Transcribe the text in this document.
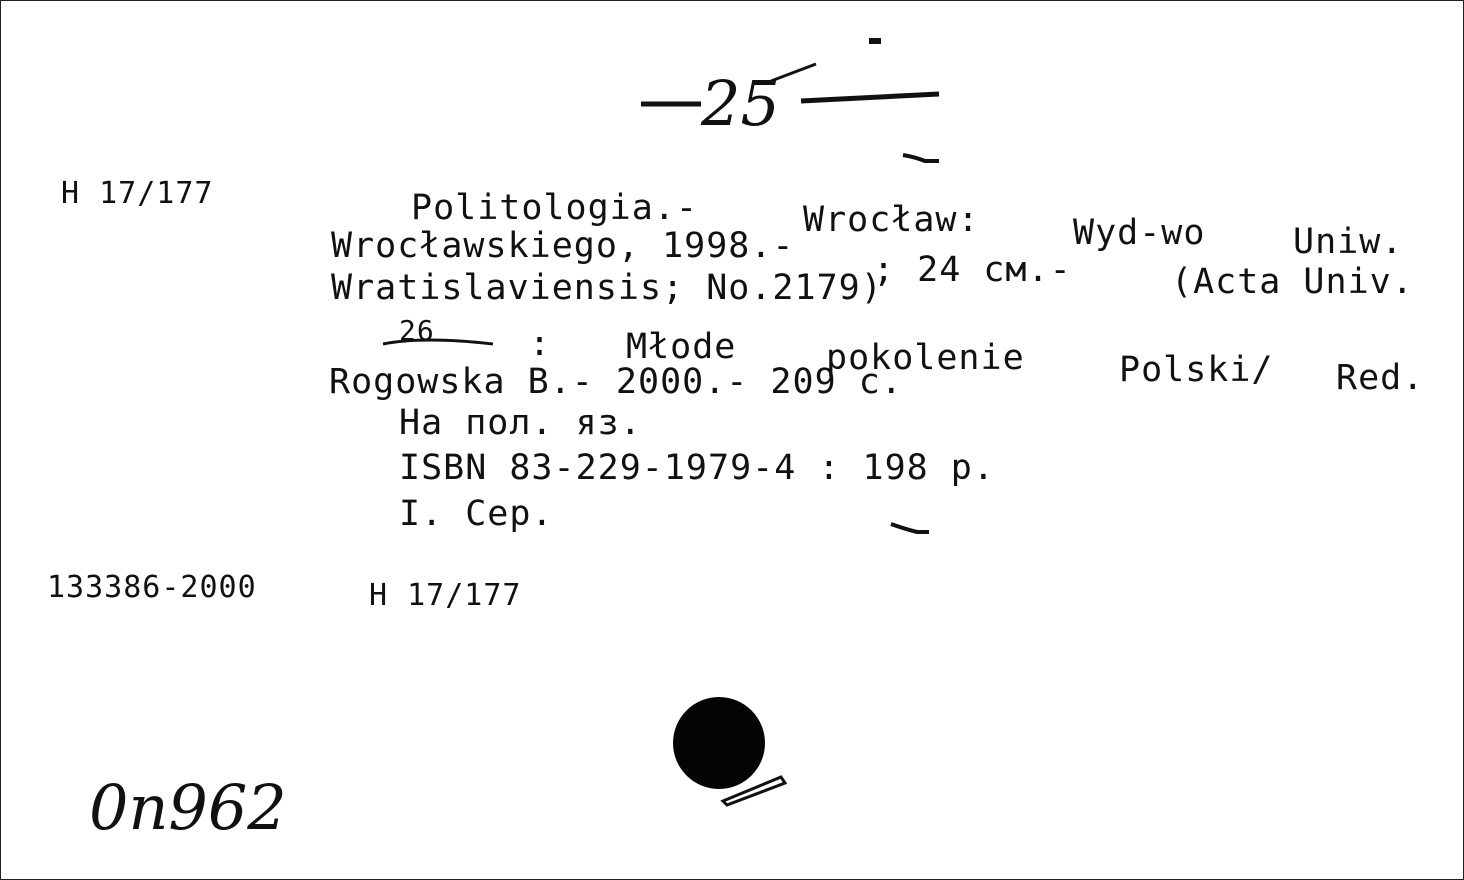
25
H 17/177	Politologia.-	Wrocław:	Wyd-wo	Uniw.
Wrocławskiego, 1998.-
; 24 см.-	(Acta Univ.
Wratislaviensis; No.2179)
26	: Młode	pokolenie	Polski/ Red.
Rogowska B.- 2000.- 209 с.
На пол. яз.
ISBN 83-229-1979-4 : 198 р.
I. Сер.
133386-2000	H 17/177
0n962
